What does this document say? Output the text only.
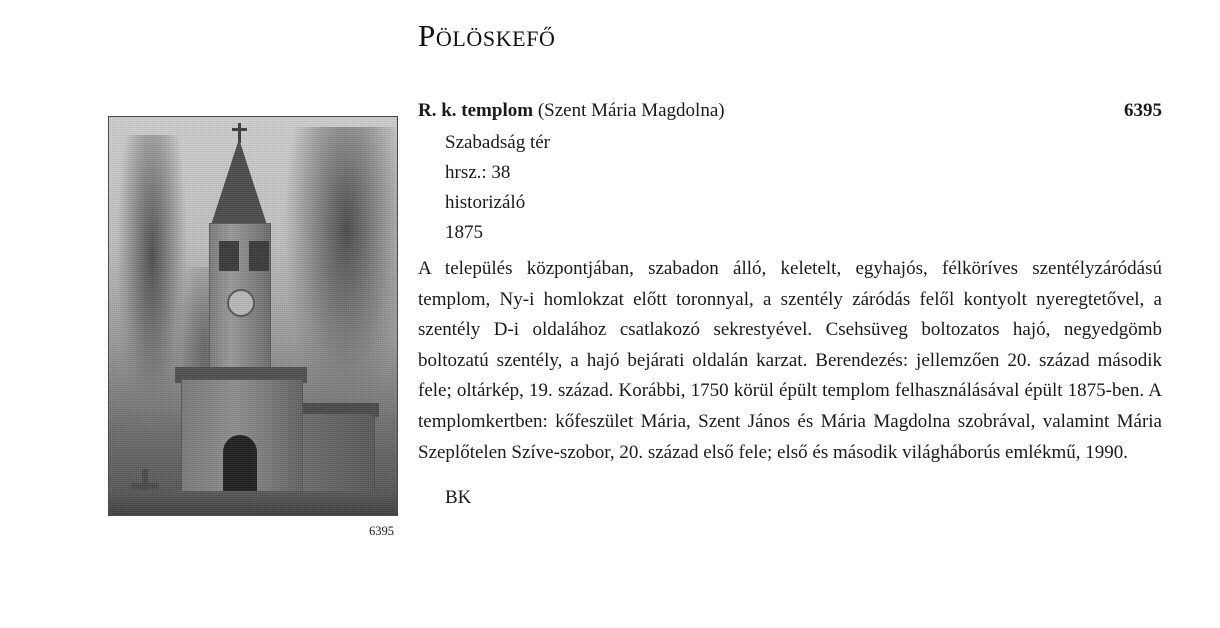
6395
Pölöskefő
R. k. templom (Szent Mária Magdolna)	6395
Szabadság tér
hrsz.: 38
historizáló
1875

A település központjában, szabadon álló, keletelt, egyhajós, félköríves szentélyzáródású templom, Ny-i homlokzat előtt toronnyal, a szentély záródás felől kontyolt nyeregtetővel, a szentély D-i oldalához csatlakozó sekrestyével. Csehsüveg boltozatos hajó, negyedgömb boltozatú szentély, a hajó bejárati oldalán karzat. Berendezés: jellemzően 20. század második fele; oltárkép, 19. század. Korábbi, 1750 körül épült templom felhasználásával épült 1875-ben. A templomkertben: kőfeszület Mária, Szent János és Mária Magdolna szobrával, valamint Mária Szeplőtelen Szíve-szobor, 20. század első fele; első és második világháborús emlékmű, 1990.

BK
